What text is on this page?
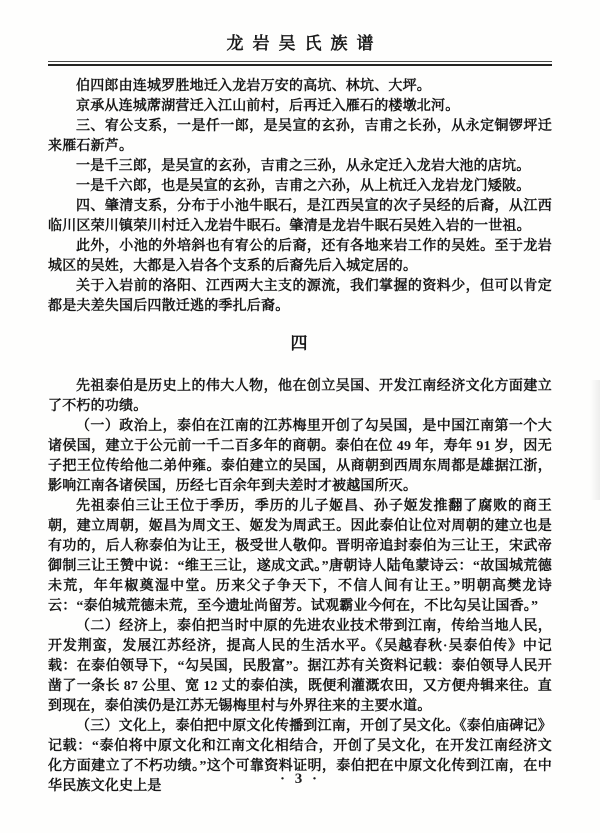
龙岩吴氏族谱

伯四郎由连城罗胜地迁入龙岩万安的高坑、林坑、大坪。

京承从连城蓆湖营迁入江山前村，后再迁入雁石的楼墩北河。

三、宥公支系，一是仟一郎，是吴宣的玄孙，吉甫之长孙，从永定铜锣坪迁来雁石新芦。

一是千三郎，是吴宣的玄孙，吉甫之三孙，从永定迁入龙岩大池的店坑。

一是千六郎，也是吴宣的玄孙，吉甫之六孙，从上杭迁入龙岩龙门矮陂。

四、肇清支系，分布于小池牛眠石，是江西吴宣的次子吴经的后裔，从江西临川区荣川镇荣川村迁入龙岩牛眠石。肇清是龙岩牛眠石吴姓入岩的一世祖。

此外，小池的外培斜也有宥公的后裔，还有各地来岩工作的吴姓。至于龙岩城区的吴姓，大都是入岩各个支系的后裔先后入城定居的。

关于入岩前的洛阳、江西两大主支的源流，我们掌握的资料少，但可以肯定都是夫差失国后四散迁逃的季扎后裔。

四

先祖泰伯是历史上的伟大人物，他在创立吴国、开发江南经济文化方面建立了不朽的功绩。

（一）政治上，泰伯在江南的江苏梅里开创了勾吴国，是中国江南第一个大诸侯国，建立于公元前一千二百多年的商朝。泰伯在位 49 年，寿年 91 岁，因无子把王位传给他二弟仲雍。泰伯建立的吴国，从商朝到西周东周都是雄据江浙，影响江南各诸侯国，历经七百余年到夫差时才被越国所灭。

先祖泰伯三让王位于季历，季历的儿子姬昌、孙子姬发推翻了腐败的商王朝，建立周朝，姬昌为周文王、姬发为周武王。因此泰伯让位对周朝的建立也是有功的，后人称泰伯为让王，极受世人敬仰。晋明帝追封泰伯为三让王，宋武帝御制三让王赞中说：“维王三让，遂成文武。”唐朝诗人陆龟蒙诗云：“故国城荒德未荒，年年椒奠湿中堂。历来父子争天下，不信人间有让王。”明朝高樊龙诗云：“泰伯城荒德未荒，至今遗址尚留芳。试观霸业今何在，不比勾吴让国香。”

（二）经济上，泰伯把当时中原的先进农业技术带到江南，传给当地人民，开发荆蛮，发展江苏经济，提高人民的生活水平。《吴越春秋·吴泰伯传》中记载：在泰伯领导下，“勾吴国，民殷富”。据江苏有关资料记载：泰伯领导人民开凿了一条长 87 公里、宽 12 丈的泰伯渎，既便利灌溉农田，又方便舟辑来往。直到现在，泰伯渎仍是江苏无锡梅里村与外界往来的主要水道。

（三）文化上，泰伯把中原文化传播到江南，开创了吴文化。《泰伯庙碑记》记载：“泰伯将中原文化和江南文化相结合，开创了吴文化，在开发江南经济文化方面建立了不朽功绩。”这个可靠资料证明，泰伯把在中原文化传到江南，在中华民族文化史上是	· 3 ·
